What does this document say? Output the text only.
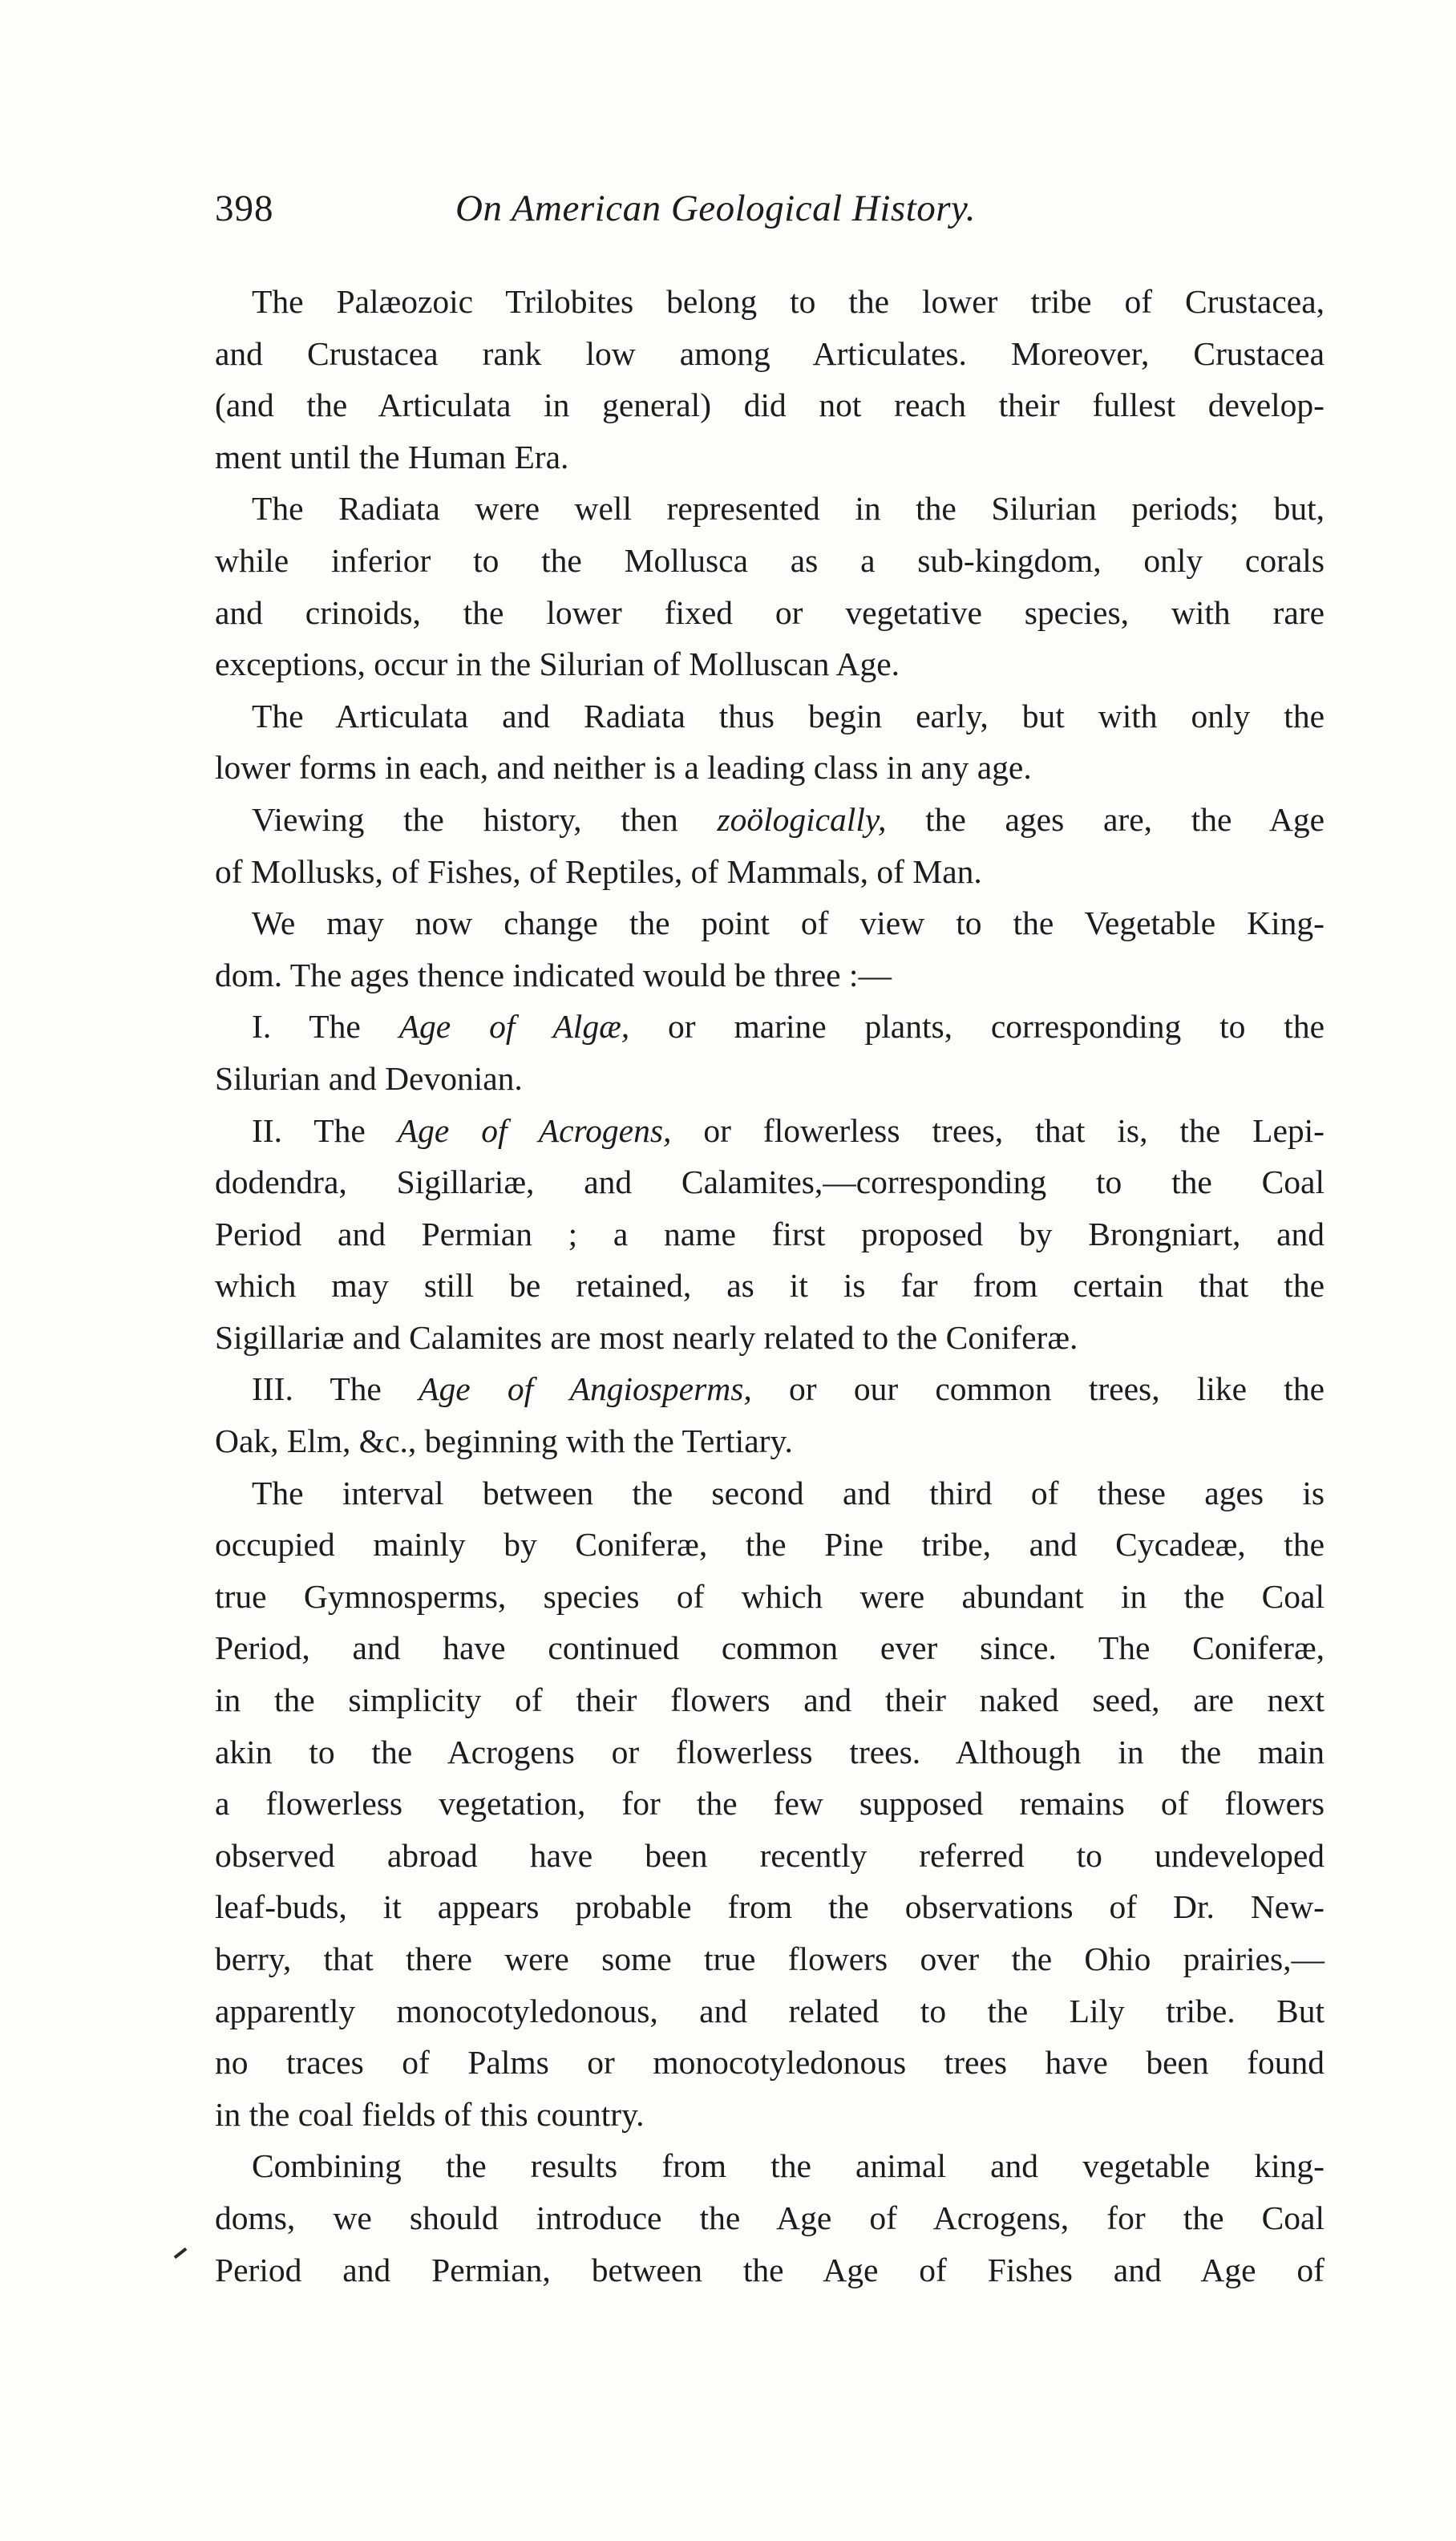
398	On American Geological History.
The Palæozoic Trilobites belong to the lower tribe of Crustacea,
and Crustacea rank low among Articulates. Moreover, Crustacea
(and the Articulata in general) did not reach their fullest develop-
ment until the Human Era.
The Radiata were well represented in the Silurian periods; but,
while inferior to the Mollusca as a sub-kingdom, only corals
and crinoids, the lower fixed or vegetative species, with rare
exceptions, occur in the Silurian of Molluscan Age.
The Articulata and Radiata thus begin early, but with only the
lower forms in each, and neither is a leading class in any age.
Viewing the history, then zoölogically, the ages are, the Age
of Mollusks, of Fishes, of Reptiles, of Mammals, of Man.
We may now change the point of view to the Vegetable King-
dom. The ages thence indicated would be three :—
I. The Age of Algæ, or marine plants, corresponding to the
Silurian and Devonian.
II. The Age of Acrogens, or flowerless trees, that is, the Lepi-
dodendra, Sigillariæ, and Calamites,—corresponding to the Coal
Period and Permian ; a name first proposed by Brongniart, and
which may still be retained, as it is far from certain that the
Sigillariæ and Calamites are most nearly related to the Coniferæ.
III. The Age of Angiosperms, or our common trees, like the
Oak, Elm, &c., beginning with the Tertiary.
The interval between the second and third of these ages is
occupied mainly by Coniferæ, the Pine tribe, and Cycadeæ, the
true Gymnosperms, species of which were abundant in the Coal
Period, and have continued common ever since. The Coniferæ,
in the simplicity of their flowers and their naked seed, are next
akin to the Acrogens or flowerless trees. Although in the main
a flowerless vegetation, for the few supposed remains of flowers
observed abroad have been recently referred to undeveloped
leaf-buds, it appears probable from the observations of Dr. New-
berry, that there were some true flowers over the Ohio prairies,—
apparently monocotyledonous, and related to the Lily tribe. But
no traces of Palms or monocotyledonous trees have been found
in the coal fields of this country.
Combining the results from the animal and vegetable king-
doms, we should introduce the Age of Acrogens, for the Coal
Period and Permian, between the Age of Fishes and Age of
